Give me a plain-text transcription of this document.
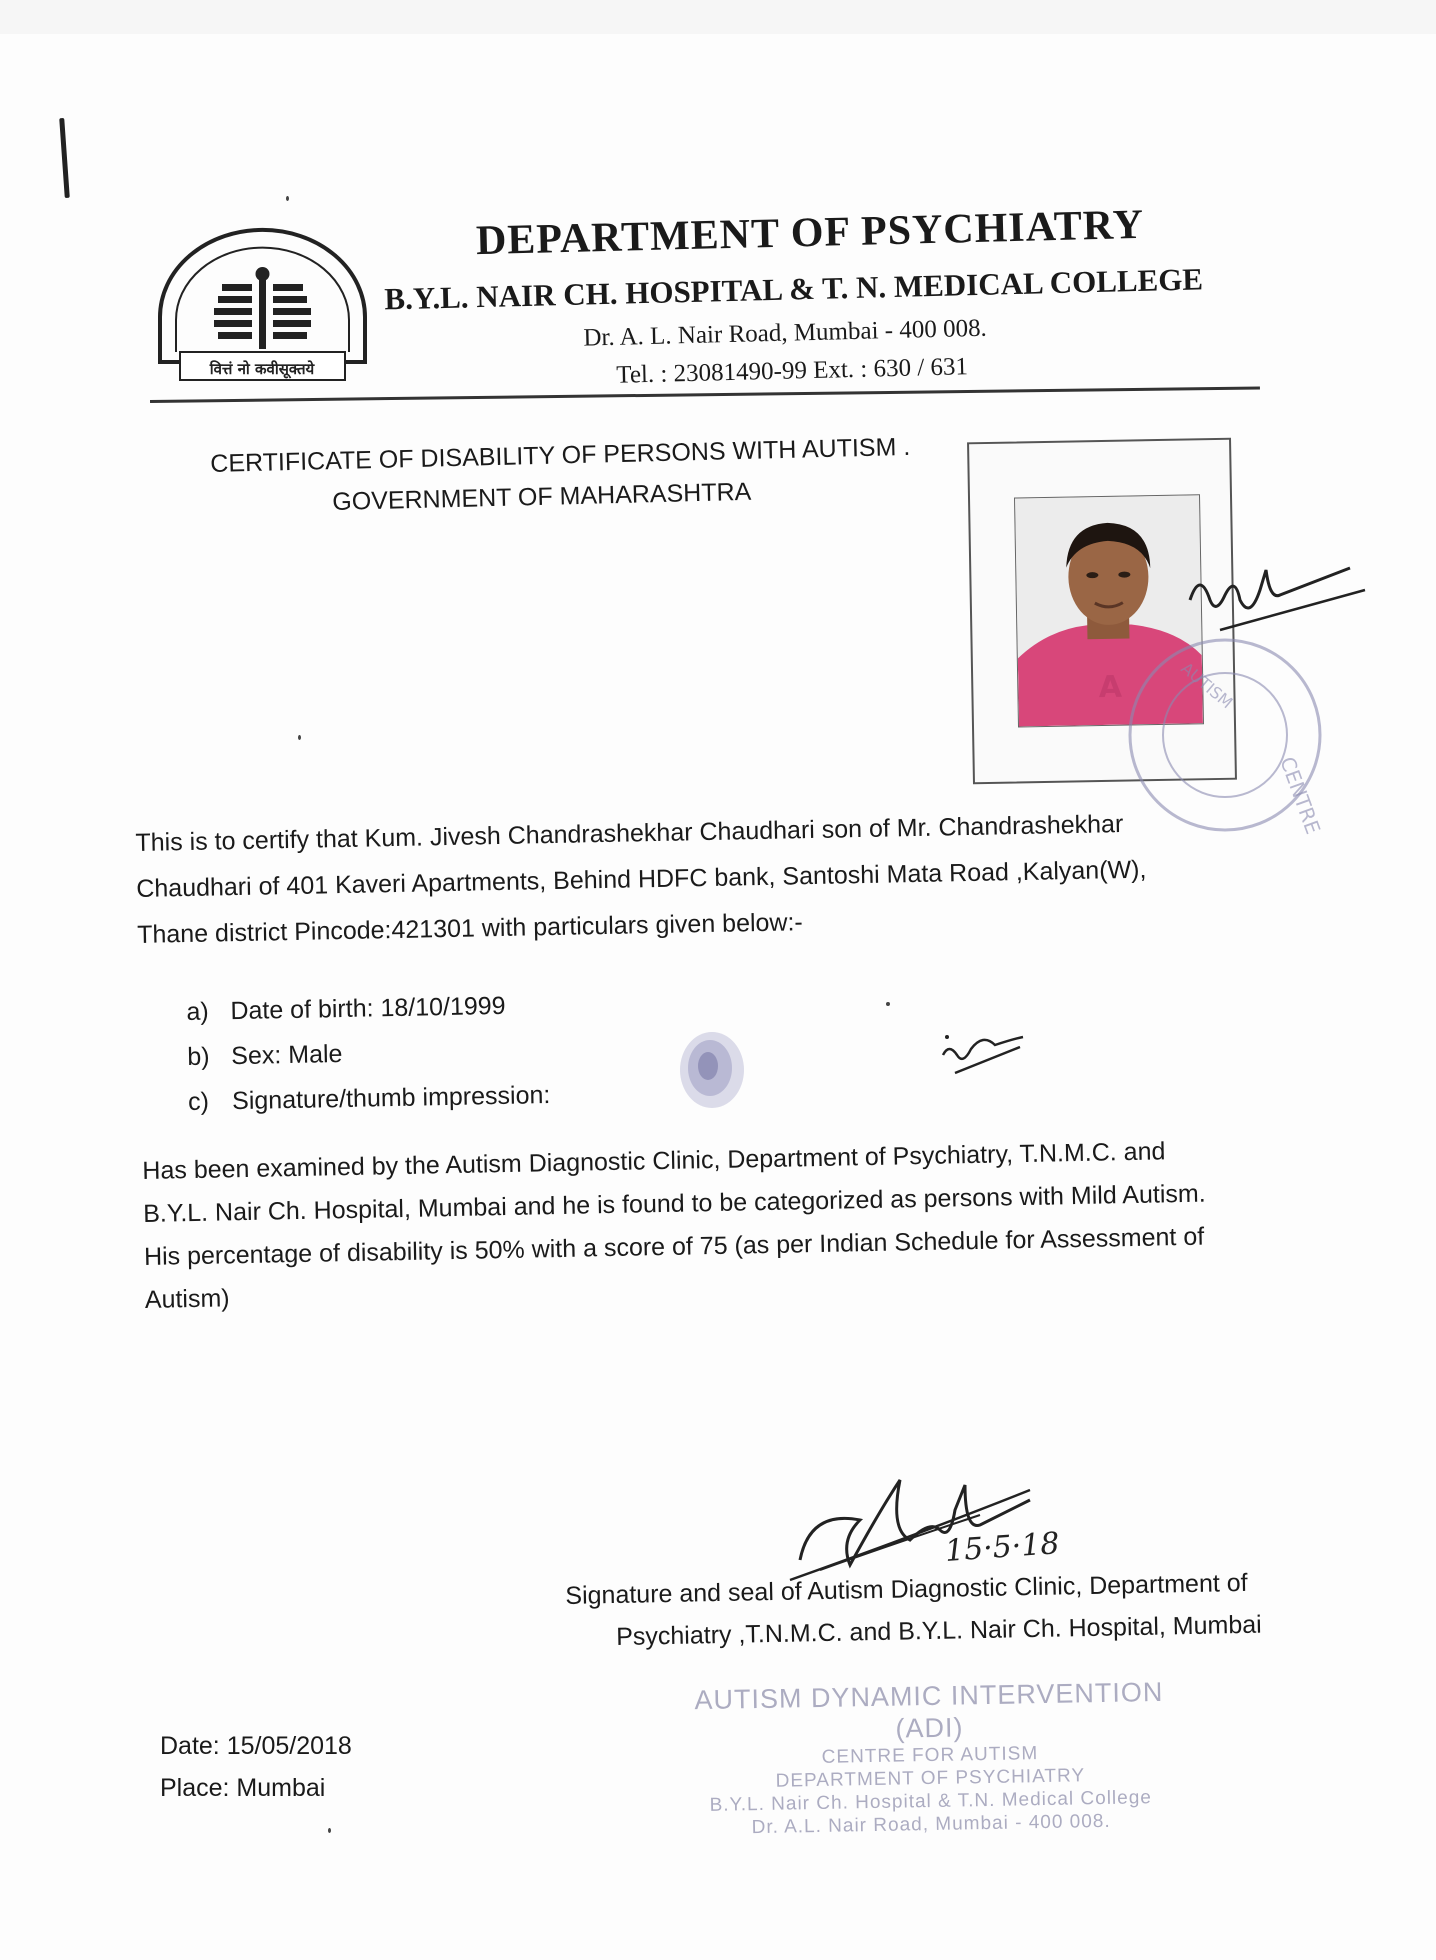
वित्तं नो कवीसूक्तये
DEPARTMENT OF PSYCHIATRY
B.Y.L. NAIR CH. HOSPITAL & T. N. MEDICAL COLLEGE
Dr. A. L. Nair Road, Mumbai - 400 008.
Tel. : 23081490-99 Ext. : 630 / 631
CERTIFICATE OF DISABILITY OF PERSONS WITH AUTISM .
GOVERNMENT OF MAHARASHTRA
A
CENTRE
AUTISM
This is to certify that Kum. Jivesh Chandrashekhar Chaudhari son of Mr. Chandrashekhar
Chaudhari of 401 Kaveri Apartments, Behind HDFC bank, Santoshi Mata Road ,Kalyan(W),
Thane district Pincode:421301 with particulars given below:-
a) Date of birth: 18/10/1999
b) Sex: Male
c) Signature/thumb impression:
Has been examined by the Autism Diagnostic Clinic, Department of Psychiatry, T.N.M.C. and
B.Y.L. Nair Ch. Hospital, Mumbai and he is found to be categorized as persons with Mild Autism.
His percentage of disability is 50% with a score of 75 (as per Indian Schedule for Assessment of
Autism)
15·5·18
Signature and seal of Autism Diagnostic Clinic, Department of
Psychiatry ,T.N.M.C. and B.Y.L. Nair Ch. Hospital, Mumbai
AUTISM DYNAMIC INTERVENTION (ADI)
CENTRE FOR AUTISM
DEPARTMENT OF PSYCHIATRY
B.Y.L. Nair Ch. Hospital & T.N. Medical College
Dr. A.L. Nair Road, Mumbai - 400 008.
Date: 15/05/2018
Place: Mumbai
